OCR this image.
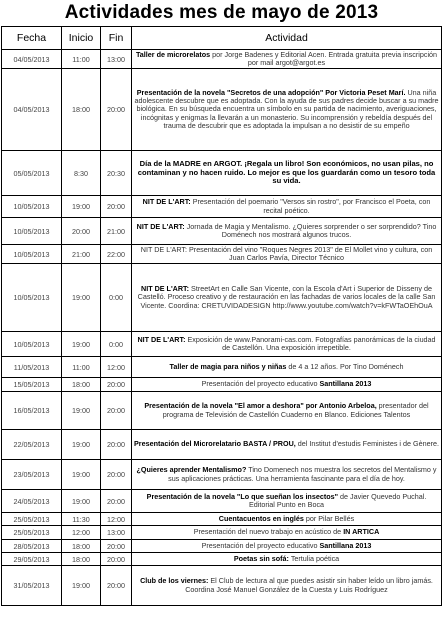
Actividades mes de mayo de 2013
Fecha	Inicio	Fin	Actividad
04/05/2013	11:00	13:00	Taller de microrelatos por Jorge Badenes y Editorial Acen. Entrada gratuita previa inscripción por mail argot@argot.es
04/05/2013	18:00	20:00	Presentación de la novela "Secretos de una adopción" Por Victoria Peset Marí. Una niña adolescente descubre que es adoptada. Con la ayuda de sus padres decide buscar a su madre biológica. En su búsqueda encuentra un símbolo en su partida de nacimiento, averiguaciones, incógnitas y enigmas la llevarán a un monasterio. Su incomprensión y rebeldía después del trauma de descubrir que es adoptada la impulsan a no desistir de su empeño
05/05/2013	8:30	20:30	Día de la MADRE en ARGOT. ¡Regala un libro! Son económicos, no usan pilas, no contaminan y no hacen ruido. Lo mejor es que los guardarán como un tesoro toda su vida.
10/05/2013	19:00	20:00	NIT DE L'ART: Presentación del poemario "Versos sin rostro", por Francisco el Poeta, con recital poético.
10/05/2013	20:00	21:00	NIT DE L'ART: Jornada de Magia y Mentalismo. ¿Quieres sorprender o ser sorprendido? Tino Doménech nos mostrará algunos trucos.
10/05/2013	21:00	22:00	NIT DE L'ART: Presentación del vino "Roques Negres 2013" de El Mollet vino y cultura, con Juan Carlos Pavía, Director Técnico
10/05/2013	19:00	0:00	NIT DE L'ART: StreetArt en Calle San Vicente, con la Escola d'Art i Superior de Disseny de Castelló. Proceso creativo y de restauración en las fachadas de varios locales de la calle San Vicente. Coordina: CRETUVIDADESIGN http://www.youtube.com/watch?v=kFWTaOEhOuA
10/05/2013	19:00	0:00	NIT DE L'ART: Exposición de www.Panorami-cas.com. Fotografías panorámicas de la ciudad de Castellón. Una exposición irrepetible.
11/05/2013	11:00	12:00	Taller de magia para niños y niñas de 4 a 12 años. Por Tino Doménech
15/05/2013	18:00	20:00	Presentación del proyecto educativo Santillana 2013
16/05/2013	19:00	20:00	Presentación de la novela "El amor a deshora" por Antonio Arbeloa, presentador del programa de Televisión de Castellón Cuaderno en Blanco. Ediciones Talentos
22/05/2013	19:00	20:00	Presentación del Microrelatario BASTA / PROU, del Institut d'estudis Feministes i de Gènere.
23/05/2013	19:00	20:00	¿Quieres aprender Mentalismo? Tino Domenech nos muestra los secretos del Mentalismo y sus aplicaciones prácticas. Una herramienta fascinante para el día de hoy.
24/05/2013	19:00	20:00	Presentación de la novela "Lo que sueñan los insectos" de Javier Quevedo Puchal. Editorial Punto en Boca
25/05/2013	11:30	12:00	Cuentacuentos en inglés por Pilar Bellés
25/05/2013	12:00	13:00	Presentación del nuevo trabajo en acústico de IN ARTICA
28/05/2013	18:00	20:00	Presentación del proyecto educativo Santillana 2013
29/05/2013	18:00	20:00	Poetas sin sofá: Tertulia poética
31/05/2013	19:00	20:00	Club de los viernes: El Club de lectura al que puedes asistir sin haber leído un libro jamás. Coordina José Manuel González de la Cuesta y Luis Rodríguez
